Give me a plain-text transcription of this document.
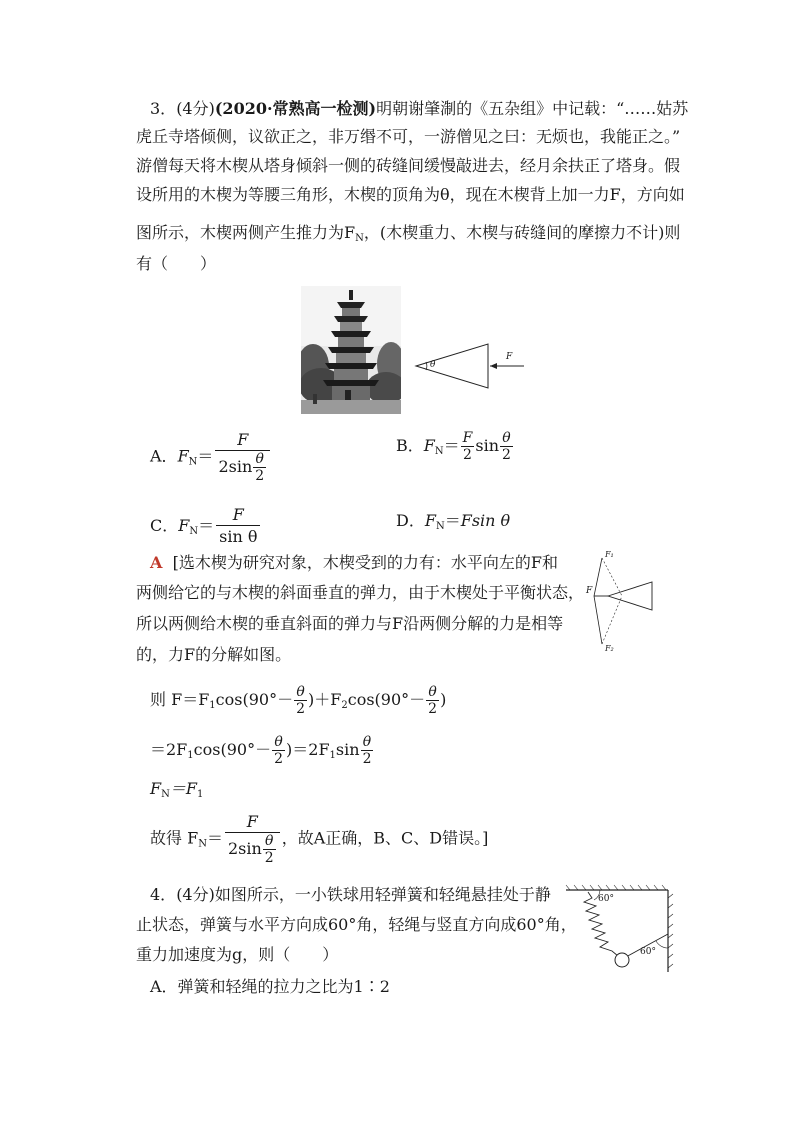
3．(4分)(2020·常熟高一检测)明朝谢肇淛的《五杂组》中记载：“……姑苏
虎丘寺塔倾侧，议欲正之，非万缗不可，一游僧见之曰：无烦也，我能正之。”
游僧每天将木楔从塔身倾斜一侧的砖缝间缓慢敲进去，经月余扶正了塔身。假
设所用的木楔为等腰三角形，木楔的顶角为θ，现在木楔背上加一力F，方向如
图所示，木楔两侧产生推力为$F_N$，(木楔重力、木楔与砖缝间的摩擦力不计)则
有（　　）
θ
F
A．$F_N= \frac{F}{2\sin \frac{\theta}{2}}$	B．$F_N= \frac{F}{2}$ $\sin \frac{\theta}{2}$
C．$F_N= \frac{F}{\text{sin θ}}$	D．$F_N=Fsin$ θ
A [选木楔为研究对象，木楔受到的力有：水平向左的F和
两侧给它的与木楔的斜面垂直的弹力，由于木楔处于平衡状态，
所以两侧给木楔的垂直斜面的弹力与F沿两侧分解的力是相等
的，力F的分解如图。
F
F₁
F₂
则 $F=F_1\cos(90^\circ- \frac{\theta}{2} )+F_2\cos(90^\circ- \frac{\theta}{2}$ )
$=2F_1\cos(90^\circ- \frac{\theta}{2} )=2F_1\sin \frac{\theta}{2}$
$F_N=F_1$
故得 $F_N= \frac{F}{2\sin \frac{\theta}{2}}$ ，故A正确，B、C、D错误。]
4．(4分)如图所示，一小铁球用轻弹簧和轻绳悬挂处于静
止状态，弹簧与水平方向成60°角，轻绳与竖直方向成60°角，
重力加速度为g，则（　　）
A．弹簧和轻绳的拉力之比为1∶2
60°
60°
